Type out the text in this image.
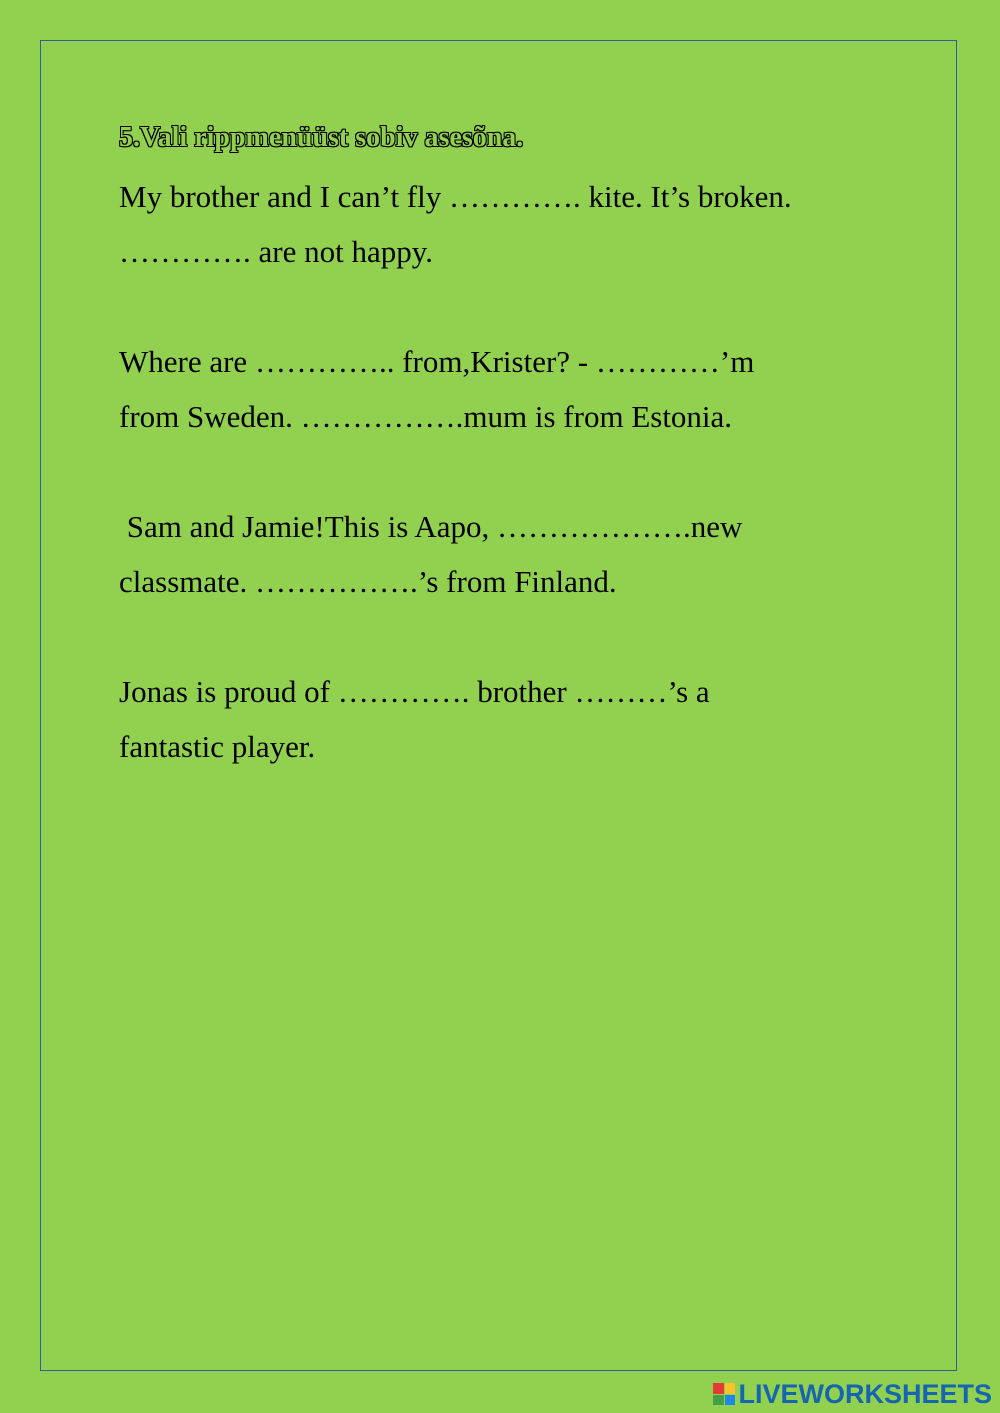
5.Vali rippmenüüst sobiv asesõna.

My brother and I can’t fly …………. kite. It’s broken.

…………. are not happy.

Where are ………….. from,Krister? - …………’m

from Sweden. …………….mum is from Estonia.

Sam and Jamie!This is Aapo, ……………….new

classmate. …………….’s from Finland.

Jonas is proud of …………. brother ………’s a

fantastic player.

LIVEWORKSHEETS
